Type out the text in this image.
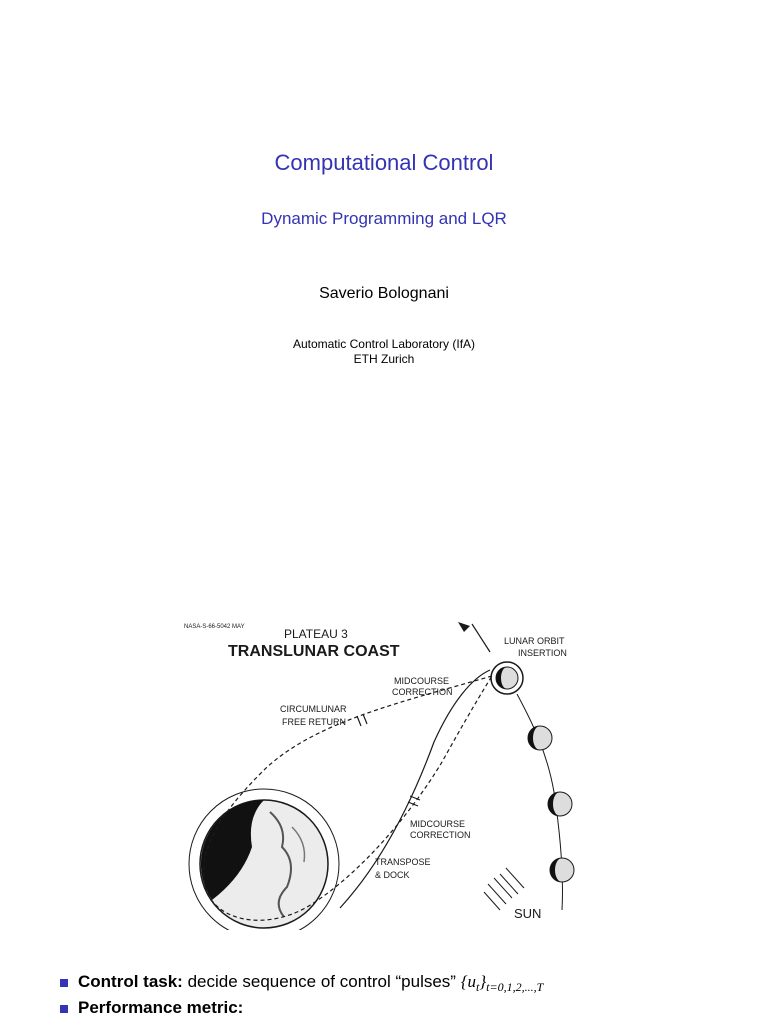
Computational Control
Dynamic Programming and LQR
Saverio Bolognani
Automatic Control Laboratory (IfA)
ETH Zurich
NASA-S-66-5042 MAY	PLATEAU 3
TRANSLUNAR COAST
LUNAR ORBIT
INSERTION
MIDCOURSE
CORRECTION
CIRCUMLUNAR
FREE RETURN
MIDCOURSE
CORRECTION
TRANSPOSE
& DOCK
SUN
Control task: decide sequence of control “pulses” $\{u_t\}_{t=0,1,2,...,T}$
Performance metric:
